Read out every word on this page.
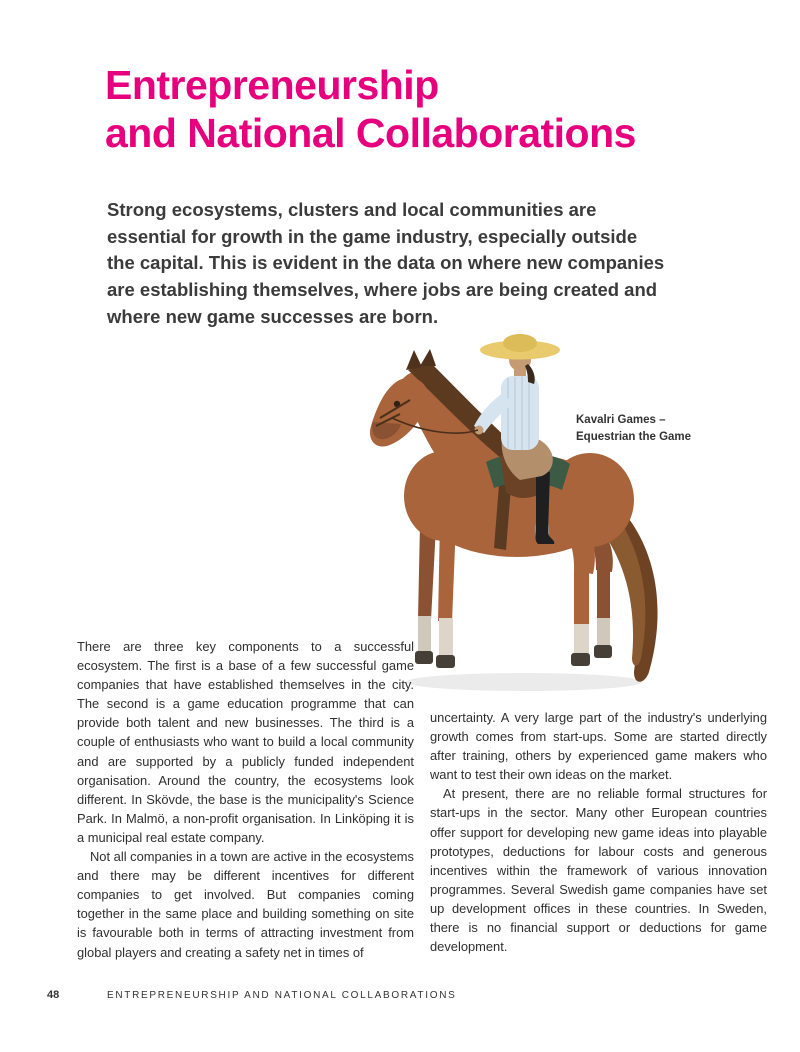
Entrepreneurship
and National Collaborations
Strong ecosystems, clusters and local communities are essential for growth in the game industry, especially outside the capital. This is evident in the data on where new companies are establishing themselves, where jobs are being created and where new game successes are born.
Kavalri Games –
Equestrian the Game

There are three key components to a successful ecosystem. The first is a base of a few successful game companies that have established themselves in the city. The second is a game education programme that can provide both talent and new businesses. The third is a couple of enthusiasts who want to build a local community and are supported by a publicly funded independent organisation. Around the country, the ecosystems look different. In Skövde, the base is the municipality's Science Park. In Malmö, a non-profit organisation. In Linköping it is a municipal real estate company.

Not all companies in a town are active in the ecosystems and there may be different incentives for different companies to get involved. But companies coming together in the same place and building something on site is favourable both in terms of attracting investment from global players and creating a safety net in times of

uncertainty. A very large part of the industry's underlying growth comes from start-ups. Some are started directly after training, others by experienced game makers who want to test their own ideas on the market.

At present, there are no reliable formal structures for start-ups in the sector. Many other European countries offer support for developing new game ideas into playable prototypes, deductions for labour costs and generous incentives within the framework of various innovation programmes. Several Swedish game companies have set up development offices in these countries. In Sweden, there is no financial support or deductions for game development.

48	ENTREPRENEURSHIP AND NATIONAL COLLABORATIONS
